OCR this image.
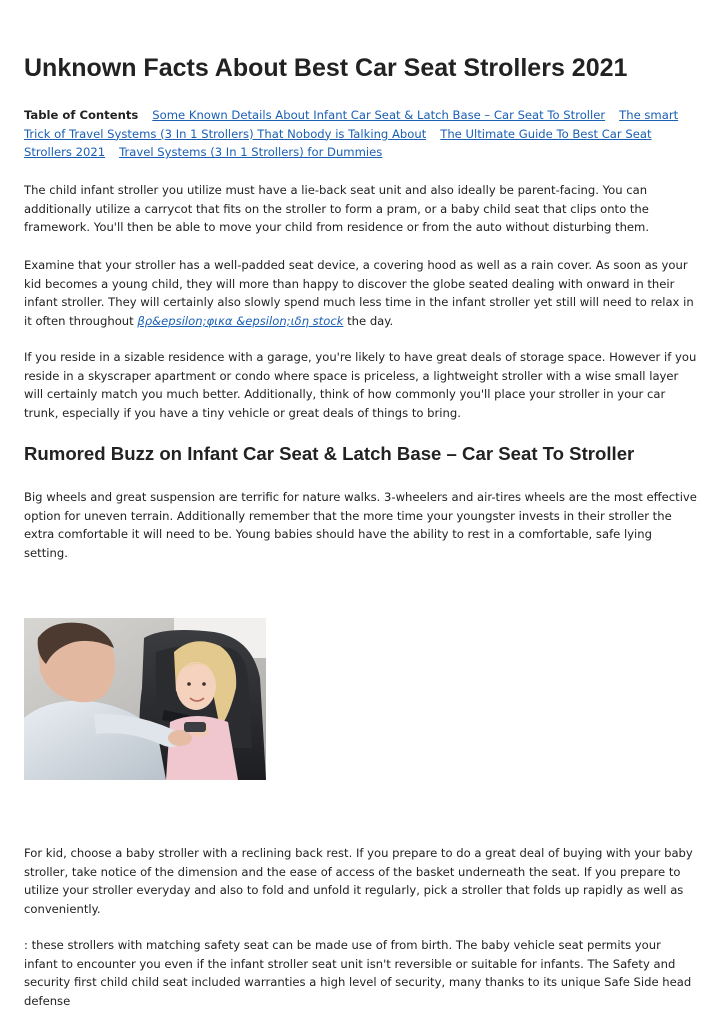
Unknown Facts About Best Car Seat Strollers 2021
Table of Contents Some Known Details About Infant Car Seat & Latch Base – Car Seat To Stroller The smart Trick of Travel Systems (3 In 1 Strollers) That Nobody is Talking About The Ultimate Guide To Best Car Seat Strollers 2021 Travel Systems (3 In 1 Strollers) for Dummies

The child infant stroller you utilize must have a lie-back seat unit and also ideally be parent-facing. You can additionally utilize a carrycot that fits on the stroller to form a pram, or a baby child seat that clips onto the framework. You'll then be able to move your child from residence or from the auto without disturbing them.

Examine that your stroller has a well-padded seat device, a covering hood as well as a rain cover. As soon as your kid becomes a young child, they will more than happy to discover the globe seated dealing with onward in their infant stroller. They will certainly also slowly spend much less time in the infant stroller yet still will need to relax in it often throughout βρ&epsilon;φικα &epsilon;ιδη stock the day.

If you reside in a sizable residence with a garage, you're likely to have great deals of storage space. However if you reside in a skyscraper apartment or condo where space is priceless, a lightweight stroller with a wise small layer will certainly match you much better. Additionally, think of how commonly you'll place your stroller in your car trunk, especially if you have a tiny vehicle or great deals of things to bring.

Rumored Buzz on Infant Car Seat & Latch Base – Car Seat To Stroller

Big wheels and great suspension are terrific for nature walks. 3-wheelers and air-tires wheels are the most effective option for uneven terrain. Additionally remember that the more time your youngster invests in their stroller the extra comfortable it will need to be. Young babies should have the ability to rest in a comfortable, safe lying setting.

For kid, choose a baby stroller with a reclining back rest. If you prepare to do a great deal of buying with your baby stroller, take notice of the dimension and the ease of access of the basket underneath the seat. If you prepare to utilize your stroller everyday and also to fold and unfold it regularly, pick a stroller that folds up rapidly as well as conveniently.

: these strollers with matching safety seat can be made use of from birth. The baby vehicle seat permits your infant to encounter you even if the infant stroller seat unit isn't reversible or suitable for infants. The Safety and security first child child seat included warranties a high level of security, many thanks to its unique Safe Side head defense
